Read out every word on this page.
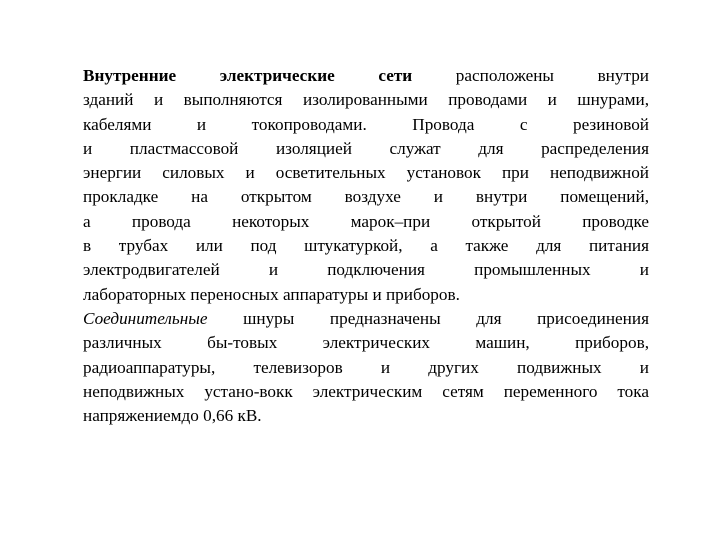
Внутренние электрические сети расположены внутри
зданий и выполняются изолированными проводами и шнурами,
кабелями и токопроводами. Провода с резиновой
и пластмассовой изоляцией служат для распределения
энергии силовых и осветительных установок при неподвижной
прокладке на открытом воздухе и внутри помещений,
а провода некоторых марок–при открытой проводке
в трубах или под штукатуркой, а также для питания
электродвигателей и подключения промышленных и
лабораторных переносных аппаратуры и приборов.
Соединительные шнуры предназначены для присоединения
различных бы-товых электрических машин, приборов,
радиоаппаратуры, телевизоров и других подвижных и
неподвижных устано-вокк электрическим сетям переменного тока
напряжениемдо 0,66 кВ.
